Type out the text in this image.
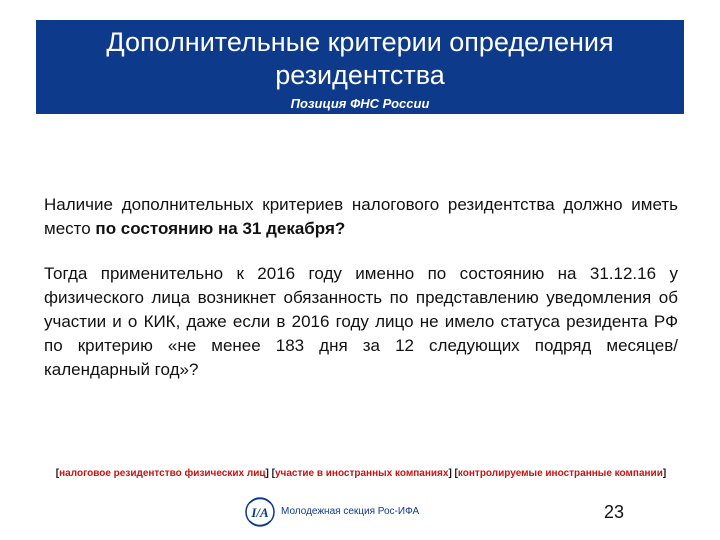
Дополнительные критерии определения
резидентства
Позиция ФНС России
Наличие дополнительных критериев налогового резидентства должно иметь место по состоянию на 31 декабря?
Тогда применительно к 2016 году именно по состоянию на 31.12.16 у физического лица возникнет обязанность по представлению уведомления об участии и о КИК, даже если в 2016 году лицо не имело статуса резидента РФ по критерию «не менее 183 дня за 12 следующих подряд месяцев/ календарный год»?
[налоговое резидентство физических лиц] [участие в иностранных компаниях] [контролируемые иностранные компании]
I/A Молодежная секция Рос-ИФА	23
